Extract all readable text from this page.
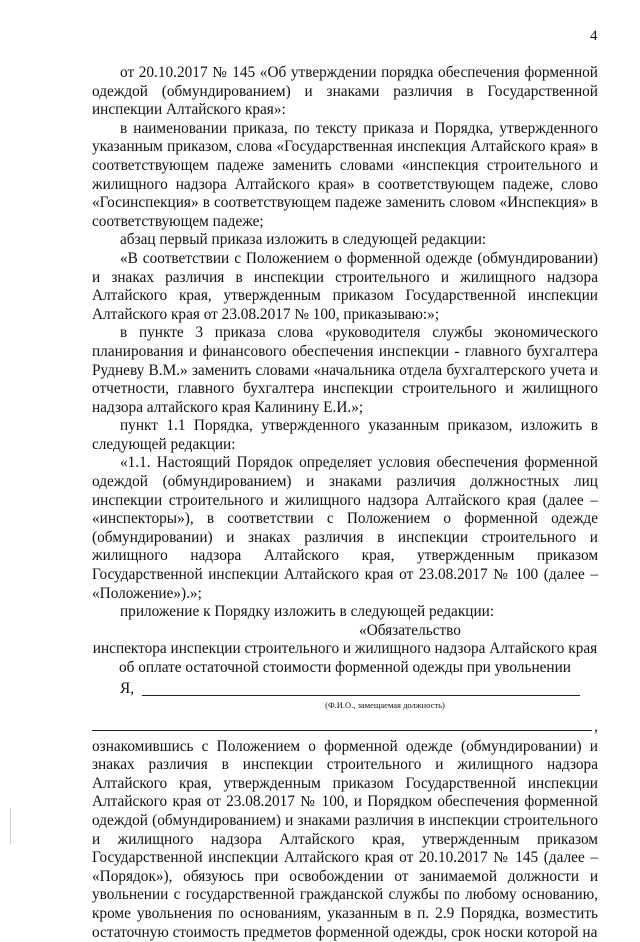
4

от 20.10.2017 № 145 «Об утверждении порядка обеспечения форменной одеждой (обмундированием) и знаками различия в Государственной инспекции Алтайского края»:

в наименовании приказа, по тексту приказа и Порядка, утвержденного указанным приказом, слова «Государственная инспекция Алтайского края» в соответствующем падеже заменить словами «инспекция строительного и жилищного надзора Алтайского края» в соответствующем падеже, слово «Госинспекция» в соответствующем падеже заменить словом «Инспекция» в соответствующем падеже;

абзац первый приказа изложить в следующей редакции:

«В соответствии с Положением о форменной одежде (обмундировании) и знаках различия в инспекции строительного и жилищного надзора Алтайского края, утвержденным приказом Государственной инспекции Алтайского края от 23.08.2017 № 100, приказываю:»;

в пункте 3 приказа слова «руководителя службы экономического планирования и финансового обеспечения инспекции - главного бухгалтера Рудневу В.М.» заменить словами «начальника отдела бухгалтерского учета и отчетности, главного бухгалтера инспекции строительного и жилищного надзора алтайского края Калинину Е.И.»;

пункт 1.1 Порядка, утвержденного указанным приказом, изложить в следующей редакции:

«1.1. Настоящий Порядок определяет условия обеспечения форменной одеждой (обмундированием) и знаками различия должностных лиц инспекции строительного и жилищного надзора Алтайского края (далее – «инспекторы»), в соответствии с Положением о форменной одежде (обмундировании) и знаках различия в инспекции строительного и жилищного надзора Алтайского края, утвержденным приказом Государственной инспекции Алтайского края от 23.08.2017 № 100 (далее – «Положение»).»;

приложение к Порядку изложить в следующей редакции:

«Обязательство

инспектора инспекции строительного и жилищного надзора Алтайского края об оплате остаточной стоимости форменной одежды при увольнении

Я,

(Ф.И.О., замещаемая должность)

,

ознакомившись с Положением о форменной одежде (обмундировании) и знаках различия в инспекции строительного и жилищного надзора Алтайского края, утвержденным приказом Государственной инспекции Алтайского края от 23.08.2017 № 100, и Порядком обеспечения форменной одеждой (обмундированием) и знаками различия в инспекции строительного и жилищного надзора Алтайского края, утвержденным приказом Государственной инспекции Алтайского края от 20.10.2017 № 145 (далее – «Порядок»), обязуюсь при освобождении от занимаемой должности и увольнении с государственной гражданской службы по любому основанию, кроме увольнения по основаниям, указанным в п. 2.9 Порядка, возместить остаточную стоимость предметов форменной одежды, срок носки которой на
